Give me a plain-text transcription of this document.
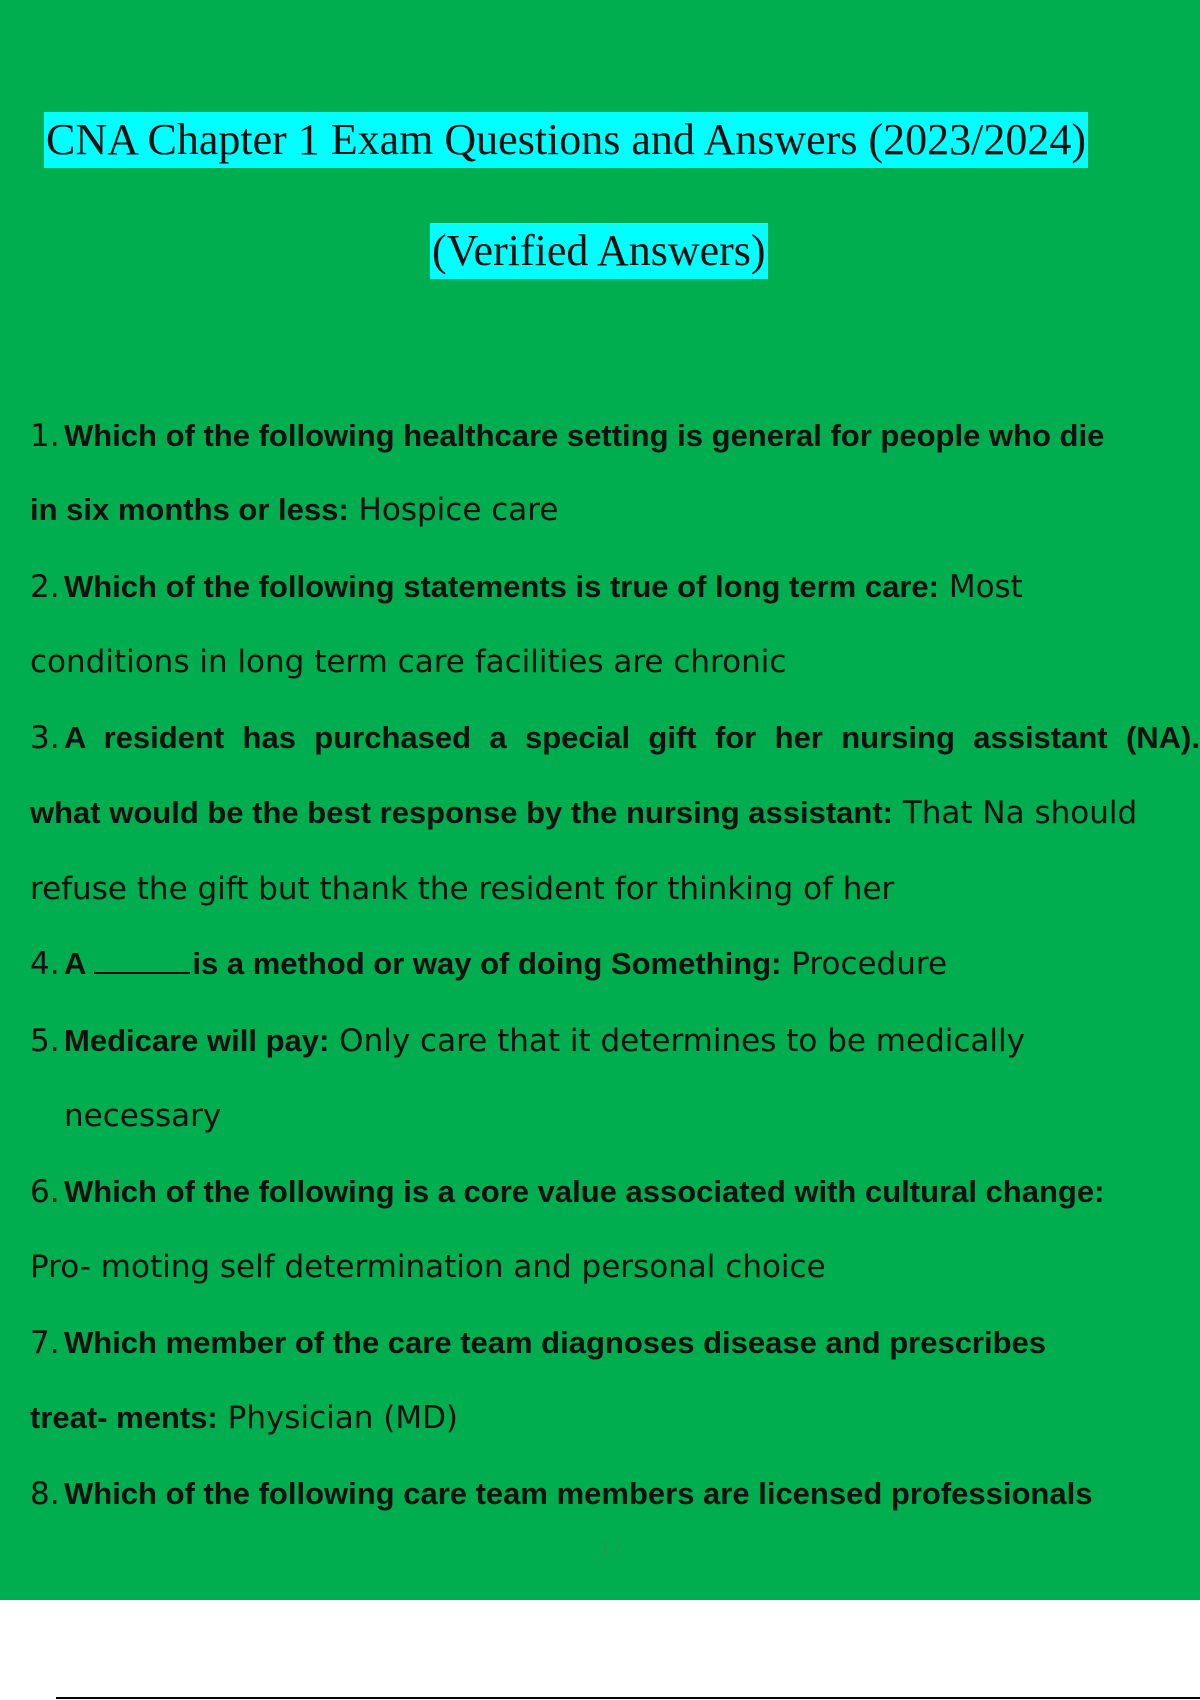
CNA Chapter 1 Exam Questions and Answers (2023/2024)
(Verified Answers)
1. Which of the following healthcare setting is general for people who die
in six months or less: Hospice care
2. Which of the following statements is true of long term care: Most
conditions in long term care facilities are chronic
3. A resident has purchased a special gift for her nursing assistant (NA).
what would be the best response by the nursing assistant: That Na should
refuse the gift but thank the resident for thinking of her
4. A	is a method or way of doing Something: Procedure
5. Medicare will pay: Only care that it determines to be medically
necessary
6. Which of the following is a core value associated with cultural change:
Pro- moting self determination and personal choice
7. Which member of the care team diagnoses disease and prescribes
treat- ments: Physician (MD)
8. Which of the following care team members are licensed professionals
1 /
